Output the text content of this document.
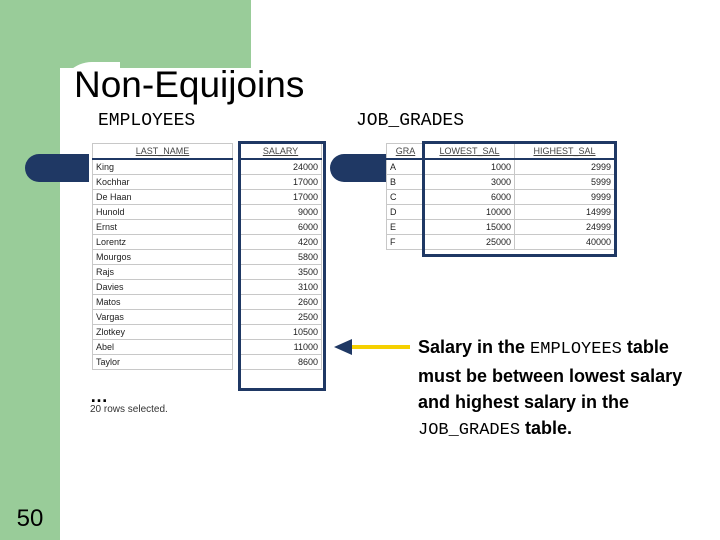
Non-Equijoins
EMPLOYEES	JOB_GRADES
LAST_NAME		SALARY
King		24000
Kochhar		17000
De Haan		17000
Hunold		9000
Ernst		6000
Lorentz		4200
Mourgos		5800
Rajs		3500
Davies		3100
Matos		2600
Vargas		2500
Zlotkey		10500
Abel		11000
Taylor		8600
GRA	LOWEST_SAL	HIGHEST_SAL
A	1000	2999
B	3000	5999
C	6000	9999
D	10000	14999
E	15000	24999
F	25000	40000
…
20 rows selected.
Salary in the EMPLOYEES table must be between lowest salary and highest salary in the JOB_GRADES table.
50
